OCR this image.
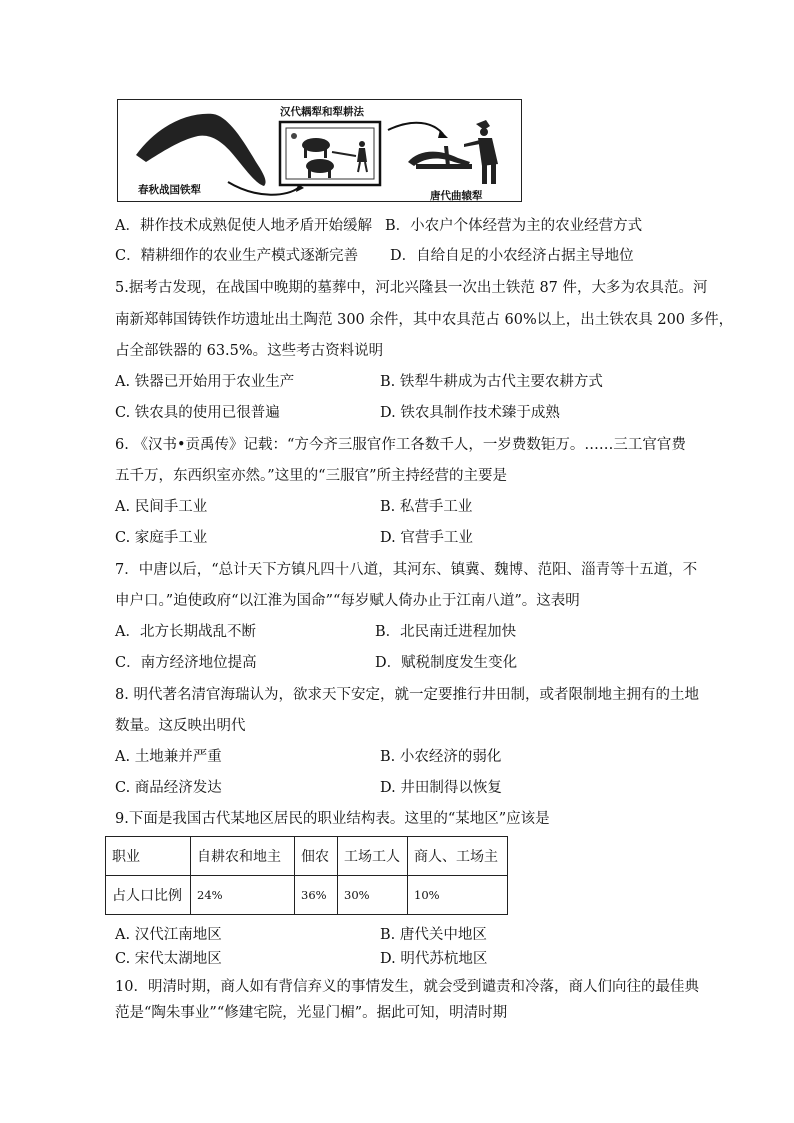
春秋战国铁犁
汉代耦犁和犁耕法
唐代曲辕犁
A．耕作技术成熟促使人地矛盾开始缓解 B．小农户个体经营为主的农业经营方式
C．精耕细作的农业生产模式逐渐完善 D．自给自足的小农经济占据主导地位
5.据考古发现，在战国中晚期的墓葬中，河北兴隆县一次出土铁范 87 件，大多为农具范。河
南新郑韩国铸铁作坊遗址出土陶范 300 余件，其中农具范占 60%以上，出土铁农具 200 多件，
占全部铁器的 63.5%。这些考古资料说明
A. 铁器已开始用于农业生产	B. 铁犁牛耕成为古代主要农耕方式
C. 铁农具的使用已很普遍	D. 铁农具制作技术臻于成熟
6. 《汉书•贡禹传》记载：“方今齐三服官作工各数千人，一岁费数钜万。……三工官官费
五千万，东西织室亦然。”这里的“三服官”所主持经营的主要是
A. 民间手工业	B. 私营手工业
C. 家庭手工业	D. 官营手工业
7．中唐以后，“总计天下方镇凡四十八道，其河东、镇冀、魏博、范阳、淄青等十五道，不
申户口。”迫使政府“以江淮为国命”“每岁赋人倚办止于江南八道”。这表明
A．北方长期战乱不断	B．北民南迁进程加快
C．南方经济地位提高	D．赋税制度发生变化
8. 明代著名清官海瑞认为，欲求天下安定，就一定要推行井田制，或者限制地主拥有的土地
数量。这反映出明代
A. 土地兼并严重	B. 小农经济的弱化
C. 商品经济发达	D. 井田制得以恢复
9.下面是我国古代某地区居民的职业结构表。这里的“某地区”应该是
职业	自耕农和地主	佃农	工场工人	商人、工场主
占人口比例	24%	36%	30%	10%
A. 汉代江南地区	B. 唐代关中地区
C. 宋代太湖地区	D. 明代苏杭地区
10．明清时期，商人如有背信弃义的事情发生，就会受到谴责和冷落，商人们向往的最佳典
范是“陶朱事业”“修建宅院，光显门楣”。据此可知，明清时期
